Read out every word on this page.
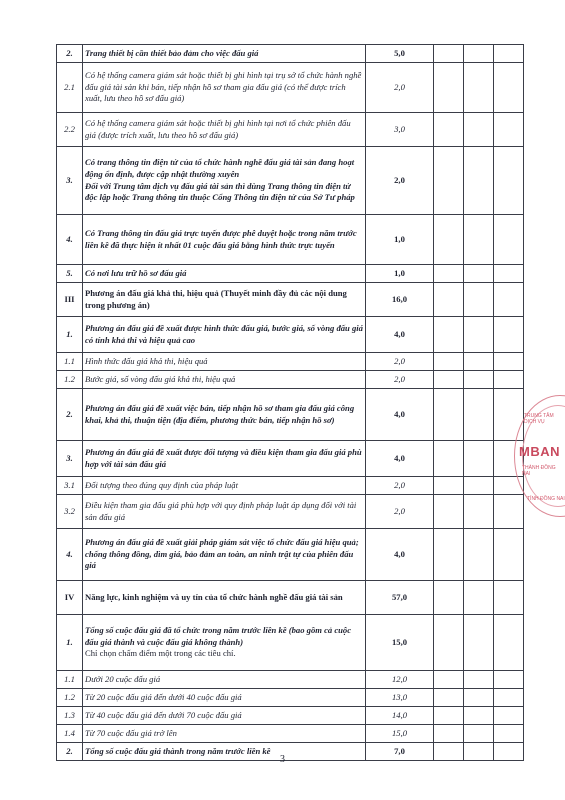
2.	Trang thiết bị cần thiết bảo đảm cho việc đấu giá	5,0			
2.1	Có hệ thống camera giám sát hoặc thiết bị ghi hình tại trụ sở tổ chức hành nghề đấu giá tài sản khi bán, tiếp nhận hồ sơ tham gia đấu giá (có thể được trích xuất, lưu theo hồ sơ đấu giá)	2,0			
2.2	Có hệ thống camera giám sát hoặc thiết bị ghi hình tại nơi tổ chức phiên đấu giá (được trích xuất, lưu theo hồ sơ đấu giá)	3,0			
3.	Có trang thông tin điện tử của tổ chức hành nghề đấu giá tài sản đang hoạt động ổn định, được cập nhật thường xuyên
Đối với Trung tâm dịch vụ đấu giá tài sản thì dùng Trang thông tin điện tử độc lập hoặc Trang thông tin thuộc Cổng Thông tin điện tử của Sở Tư pháp	2,0			
4.	Có Trang thông tin đấu giá trực tuyến được phê duyệt hoặc trong năm trước liền kề đã thực hiện ít nhất 01 cuộc đấu giá bằng hình thức trực tuyến	1,0			
5.	Có nơi lưu trữ hồ sơ đấu giá	1,0			
III	Phương án đấu giá khả thi, hiệu quả (Thuyết minh đầy đủ các nội dung trong phương án)	16,0			
1.	Phương án đấu giá đề xuất được hình thức đấu giá, bước giá, số vòng đấu giá có tính khả thi và hiệu quả cao	4,0			
1.1	Hình thức đấu giá khả thi, hiệu quả	2,0			
1.2	Bước giá, số vòng đấu giá khả thi, hiệu quả	2,0			
2.	Phương án đấu giá đề xuất việc bán, tiếp nhận hồ sơ tham gia đấu giá công khai, khả thi, thuận tiện (địa điểm, phương thức bán, tiếp nhận hồ sơ)	4,0			
3.	Phương án đấu giá đề xuất được đối tượng và điều kiện tham gia đấu giá phù hợp với tài sản đấu giá	4,0			
3.1	Đối tượng theo đúng quy định của pháp luật	2,0			
3.2	Điều kiện tham gia đấu giá phù hợp với quy định pháp luật áp dụng đối với tài sản đấu giá	2,0			
4.	Phương án đấu giá đề xuất giải pháp giám sát việc tổ chức đấu giá hiệu quả; chống thông đồng, dìm giá, bảo đảm an toàn, an ninh trật tự của phiên đấu giá	4,0			
IV	Năng lực, kinh nghiệm và uy tín của tổ chức hành nghề đấu giá tài sản	57,0			
1.	Tổng số cuộc đấu giá đã tổ chức trong năm trước liền kề (bao gồm cả cuộc đấu giá thành và cuộc đấu giá không thành)
Chỉ chọn chấm điểm một trong các tiêu chí.	15,0			
1.1	Dưới 20 cuộc đấu giá	12,0			
1.2	Từ 20 cuộc đấu giá đến dưới 40 cuộc đấu giá	13,0			
1.3	Từ 40 cuộc đấu giá đến dưới 70 cuộc đấu giá	14,0			
1.4	Từ 70 cuộc đấu giá trở lên	15,0			
2.	Tổng số cuộc đấu giá thành trong năm trước liền kề	7,0			
3
TRUNG TÂM DỊCH VỤ
MBAN
THÀNH ĐỒNG NAI
TỈNH ĐỒNG NAI
